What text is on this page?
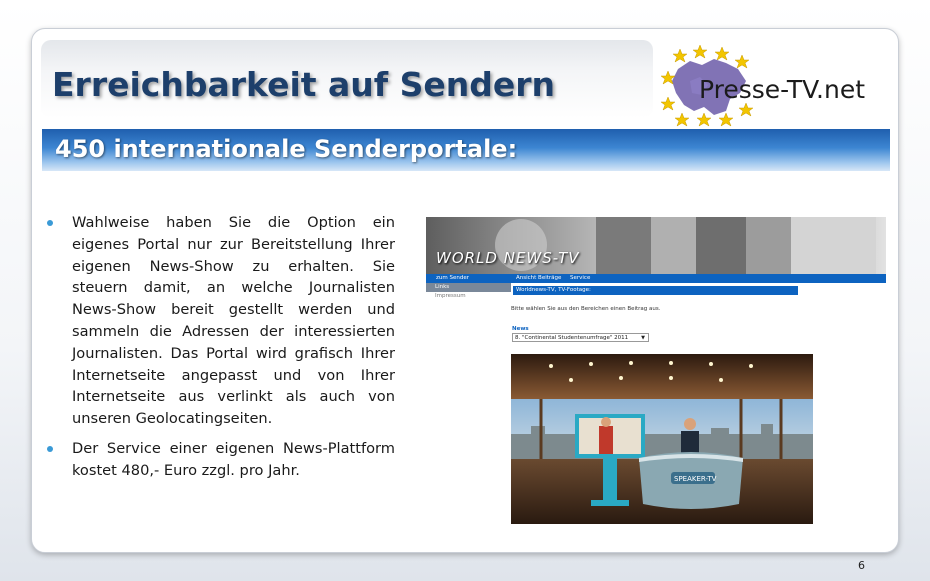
Erreichbarkeit auf Sendern	Presse-TV.net
450 internationale Senderportale:
Wahlweise haben Sie die Option ein eigenes Portal nur zur Bereitstellung Ihrer eigenen News-Show zu erhalten. Sie steuern damit, an welche Journalisten News-Show bereit gestellt werden und sammeln die Adressen der interessierten Journalisten. Das Portal wird grafisch Ihrer Internetseite angepasst und von Ihrer Internetseite aus verlinkt als auch von unseren Geolocatingseiten.
Der Service einer eigenen News-Plattform kostet 480,- Euro zzgl. pro Jahr.
WORLD NEWS-TV
zum Sender	Ansicht Beiträge Service
Links
Impressum
Worldnews-TV, TV-Footage:
Bitte wählen Sie aus den Bereichen einen Beitrag aus.
News
8. "Continental Studentenumfrage" 2011	▼
SPEAKER-TV
6
